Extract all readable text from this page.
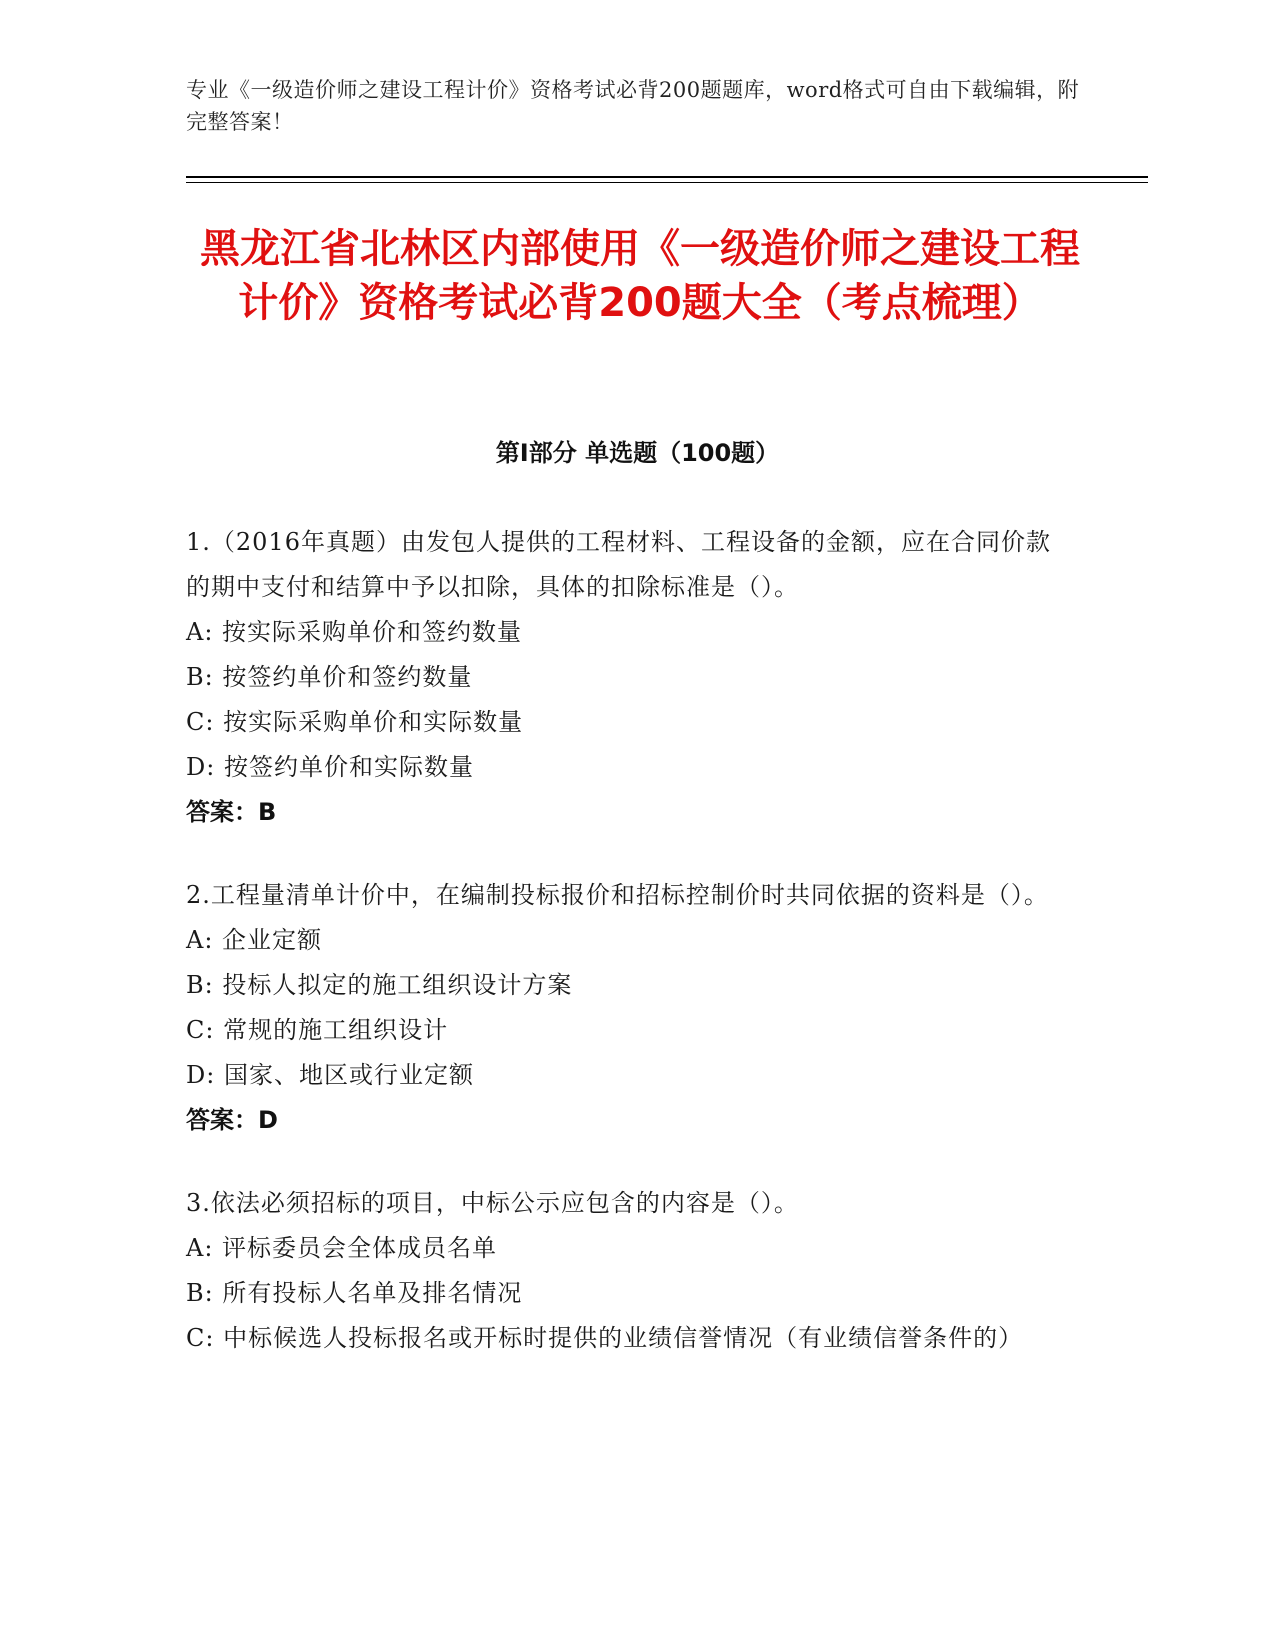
专业《一级造价师之建设工程计价》资格考试必背200题题库，word格式可自由下载编辑，附完整答案！
黑龙江省北林区内部使用《一级造价师之建设工程计价》资格考试必背200题大全（考点梳理）
第I部分 单选题（100题）
1.（2016年真题）由发包人提供的工程材料、工程设备的金额，应在合同价款的期中支付和结算中予以扣除，具体的扣除标准是（）。
A: 按实际采购单价和签约数量
B: 按签约单价和签约数量
C: 按实际采购单价和实际数量
D: 按签约单价和实际数量
答案：B
2.工程量清单计价中，在编制投标报价和招标控制价时共同依据的资料是（）。
A: 企业定额
B: 投标人拟定的施工组织设计方案
C: 常规的施工组织设计
D: 国家、地区或行业定额
答案：D
3.依法必须招标的项目，中标公示应包含的内容是（）。
A: 评标委员会全体成员名单
B: 所有投标人名单及排名情况
C: 中标候选人投标报名或开标时提供的业绩信誉情况（有业绩信誉条件的）
